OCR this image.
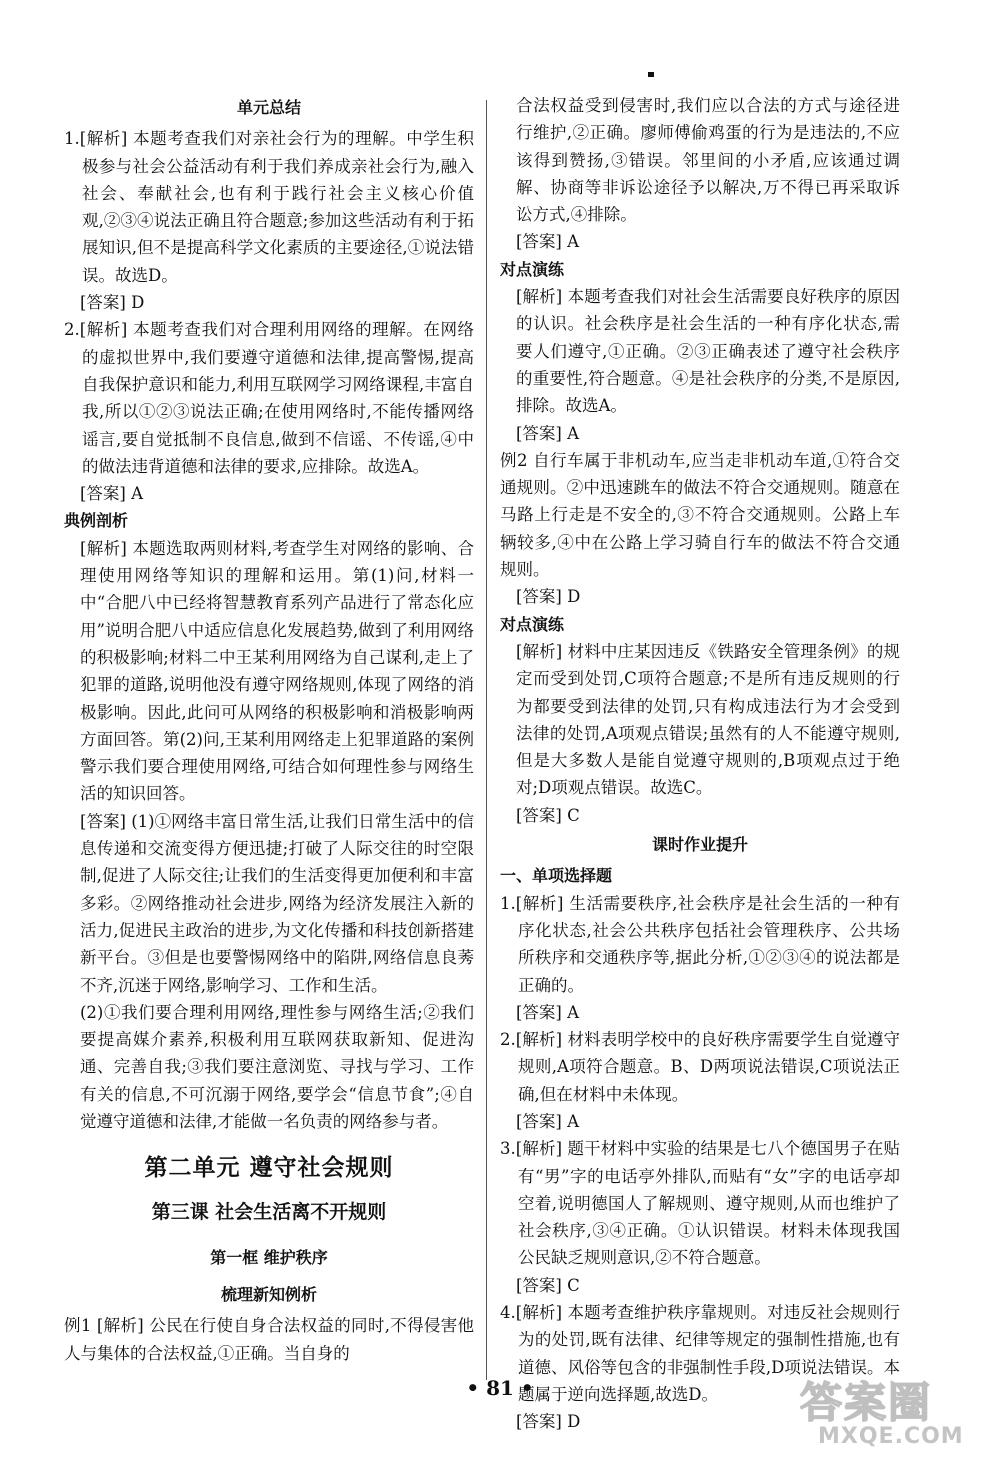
单元总结
1.[解析] 本题考查我们对亲社会行为的理解。中学生积极参与社会公益活动有利于我们养成亲社会行为,融入社会、奉献社会,也有利于践行社会主义核心价值观,②③④说法正确且符合题意;参加这些活动有利于拓展知识,但不是提高科学文化素质的主要途径,①说法错误。故选D。
[答案] D
2.[解析] 本题考查我们对合理利用网络的理解。在网络的虚拟世界中,我们要遵守道德和法律,提高警惕,提高自我保护意识和能力,利用互联网学习网络课程,丰富自我,所以①②③说法正确;在使用网络时,不能传播网络谣言,要自觉抵制不良信息,做到不信谣、不传谣,④中的做法违背道德和法律的要求,应排除。故选A。
[答案] A
典例剖析
[解析] 本题选取两则材料,考查学生对网络的影响、合理使用网络等知识的理解和运用。第(1)问,材料一中“合肥八中已经将智慧教育系列产品进行了常态化应用”说明合肥八中适应信息化发展趋势,做到了利用网络的积极影响;材料二中王某利用网络为自己谋利,走上了犯罪的道路,说明他没有遵守网络规则,体现了网络的消极影响。因此,此问可从网络的积极影响和消极影响两方面回答。第(2)问,王某利用网络走上犯罪道路的案例警示我们要合理使用网络,可结合如何理性参与网络生活的知识回答。
[答案] (1)①网络丰富日常生活,让我们日常生活中的信息传递和交流变得方便迅捷;打破了人际交往的时空限制,促进了人际交往;让我们的生活变得更加便利和丰富多彩。②网络推动社会进步,网络为经济发展注入新的活力,促进民主政治的进步,为文化传播和科技创新搭建新平台。③但是也要警惕网络中的陷阱,网络信息良莠不齐,沉迷于网络,影响学习、工作和生活。
(2)①我们要合理利用网络,理性参与网络生活;②我们要提高媒介素养,积极利用互联网获取新知、促进沟通、完善自我;③我们要注意浏览、寻找与学习、工作有关的信息,不可沉溺于网络,要学会“信息节食”;④自觉遵守道德和法律,才能做一名负责的网络参与者。
第二单元 遵守社会规则
第三课 社会生活离不开规则
第一框 维护秩序
梳理新知例析
例1 [解析] 公民在行使自身合法权益的同时,不得侵害他人与集体的合法权益,①正确。当自身的
合法权益受到侵害时,我们应以合法的方式与途径进行维护,②正确。廖师傅偷鸡蛋的行为是违法的,不应该得到赞扬,③错误。邻里间的小矛盾,应该通过调解、协商等非诉讼途径予以解决,万不得已再采取诉讼方式,④排除。
[答案] A
对点演练
[解析] 本题考查我们对社会生活需要良好秩序的原因的认识。社会秩序是社会生活的一种有序化状态,需要人们遵守,①正确。②③正确表述了遵守社会秩序的重要性,符合题意。④是社会秩序的分类,不是原因,排除。故选A。
[答案] A
例2 自行车属于非机动车,应当走非机动车道,①符合交通规则。②中迅速跳车的做法不符合交通规则。随意在马路上行走是不安全的,③不符合交通规则。公路上车辆较多,④中在公路上学习骑自行车的做法不符合交通规则。
[答案] D
对点演练
[解析] 材料中庄某因违反《铁路安全管理条例》的规定而受到处罚,C项符合题意;不是所有违反规则的行为都要受到法律的处罚,只有构成违法行为才会受到法律的处罚,A项观点错误;虽然有的人不能遵守规则,但是大多数人是能自觉遵守规则的,B项观点过于绝对;D项观点错误。故选C。
[答案] C
课时作业提升
一、单项选择题
1.[解析] 生活需要秩序,社会秩序是社会生活的一种有序化状态,社会公共秩序包括社会管理秩序、公共场所秩序和交通秩序等,据此分析,①②③④的说法都是正确的。
[答案] A
2.[解析] 材料表明学校中的良好秩序需要学生自觉遵守规则,A项符合题意。B、D两项说法错误,C项说法正确,但在材料中未体现。
[答案] A
3.[解析] 题干材料中实验的结果是七八个德国男子在贴有“男”字的电话亭外排队,而贴有“女”字的电话亭却空着,说明德国人了解规则、遵守规则,从而也维护了社会秩序,③④正确。①认识错误。材料未体现我国公民缺乏规则意识,②不符合题意。
[答案] C
4.[解析] 本题考查维护秩序靠规则。对违反社会规则行为的处罚,既有法律、纪律等规定的强制性措施,也有道德、风俗等包含的非强制性手段,D项说法错误。本题属于逆向选择题,故选D。
[答案] D
• 81 •	答案圈
MXQE.COM
